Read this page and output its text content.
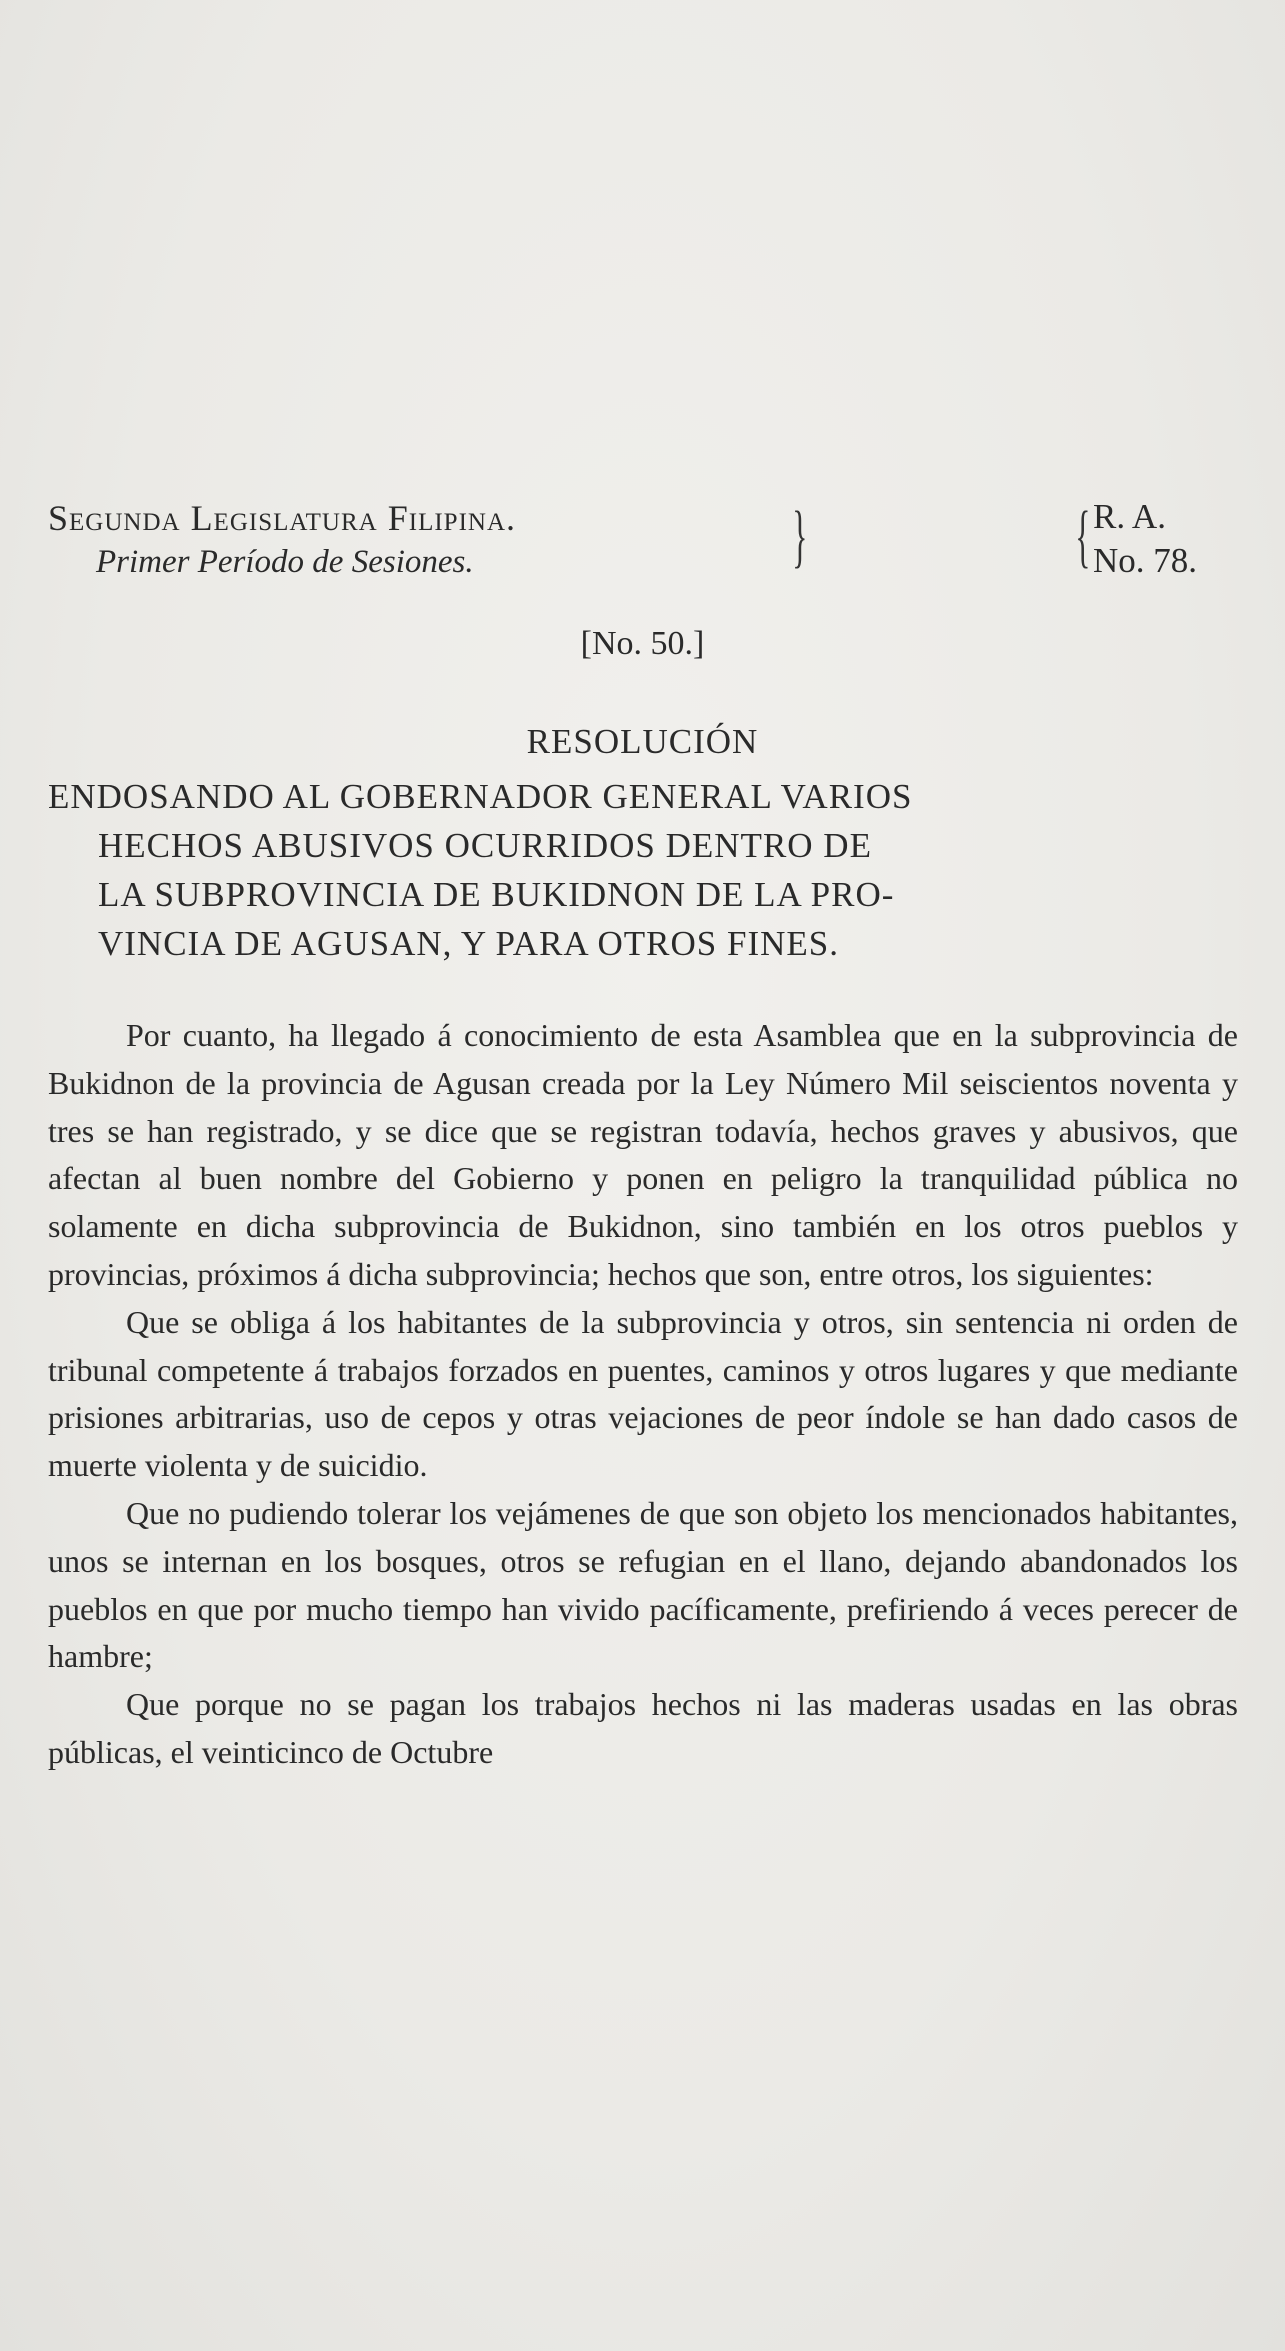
Segunda Legislatura Filipina.
Primer Período de Sesiones.	}	{ R. A.
No. 78.
[No. 50.]
RESOLUCIÓN
ENDOSANDO AL GOBERNADOR GENERAL VARIOS
HECHOS ABUSIVOS OCURRIDOS DENTRO DE
LA SUBPROVINCIA DE BUKIDNON DE LA PRO-
VINCIA DE AGUSAN, Y PARA OTROS FINES.

Por cuanto, ha llegado á conocimiento de esta Asamblea que en la subprovincia de Bukidnon de la provincia de Agusan creada por la Ley Número Mil seiscientos noventa y tres se han registrado, y se dice que se registran todavía, hechos graves y abusivos, que afectan al buen nombre del Gobierno y ponen en peligro la tranquilidad pública no solamente en dicha subprovincia de Bukidnon, sino también en los otros pueblos y provincias, próximos á dicha subprovincia; hechos que son, entre otros, los siguientes:

Que se obliga á los habitantes de la subprovincia y otros, sin sentencia ni orden de tribunal competente á trabajos forzados en puentes, caminos y otros lugares y que mediante prisiones arbitrarias, uso de cepos y otras vejaciones de peor índole se han dado casos de muerte violenta y de suicidio.

Que no pudiendo tolerar los vejámenes de que son objeto los mencionados habitantes, unos se internan en los bosques, otros se refugian en el llano, dejando abandonados los pueblos en que por mucho tiempo han vivido pacíficamente, prefiriendo á veces perecer de hambre;

Que porque no se pagan los trabajos hechos ni las maderas usadas en las obras públicas, el veinticinco de Octubre
